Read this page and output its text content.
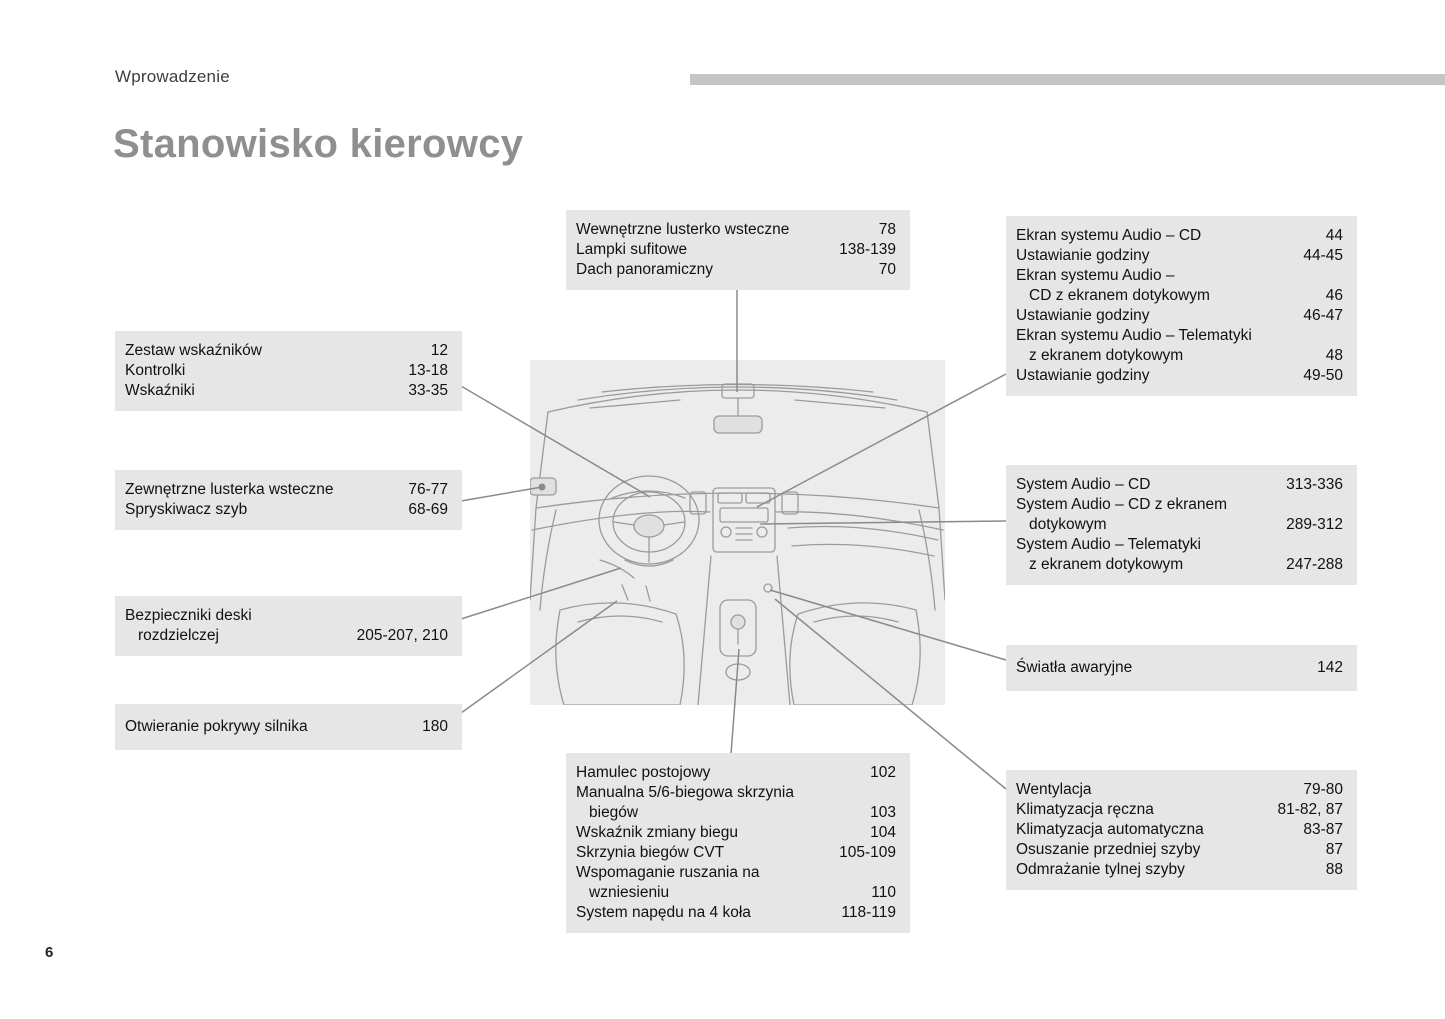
Wprowadzenie
Stanowisko kierowcy
6
Wewnętrzne lusterko wsteczne	78
Lampki sufitowe	138-139
Dach panoramiczny	70
Ekran systemu Audio – CD	44
Ustawianie godziny	44-45
Ekran systemu Audio –
CD z ekranem dotykowym	46
Ustawianie godziny	46-47
Ekran systemu Audio – Telematyki
z ekranem dotykowym	48
Ustawianie godziny	49-50
Zestaw wskaźników	12
Kontrolki	13-18
Wskaźniki	33-35
Zewnętrzne lusterka wsteczne	76-77
Spryskiwacz szyb	68-69
Bezpieczniki deski
rozdzielczej	205-207, 210
Otwieranie pokrywy silnika	180
System Audio – CD	313-336
System Audio – CD z ekranem
dotykowym	289-312
System Audio – Telematyki
z ekranem dotykowym	247-288
Światła awaryjne	142
Hamulec postojowy	102
Manualna 5/6-biegowa skrzynia
biegów	103
Wskaźnik zmiany biegu	104
Skrzynia biegów CVT	105-109
Wspomaganie ruszania na
wzniesieniu	110
System napędu na 4 koła	118-119
Wentylacja	79-80
Klimatyzacja ręczna	81-82, 87
Klimatyzacja automatyczna	83-87
Osuszanie przedniej szyby	87
Odmrażanie tylnej szyby	88
